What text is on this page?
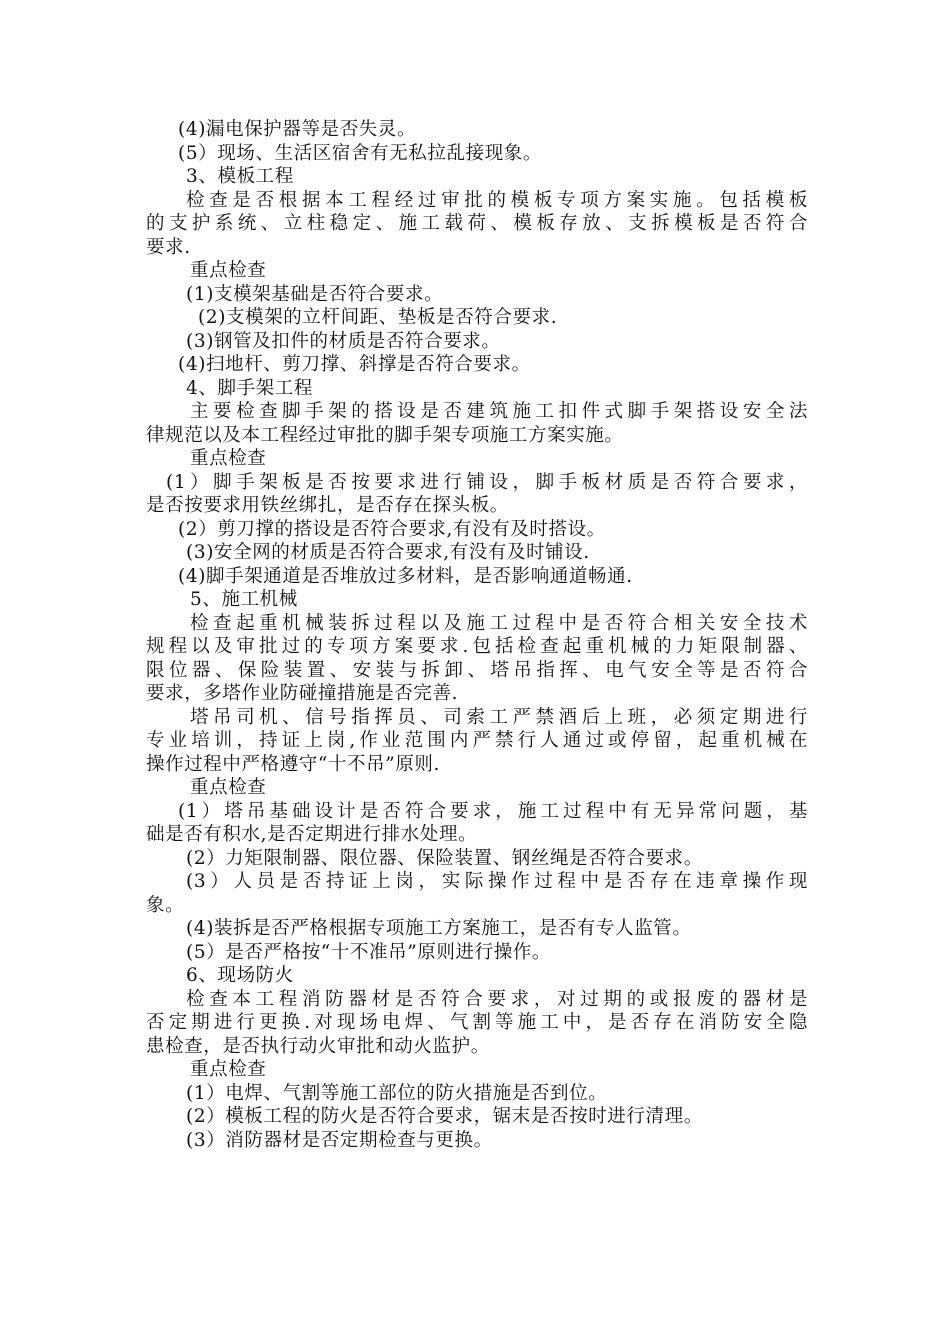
(4)漏电保护器等是否失灵。
(5）现场、生活区宿舍有无私拉乱接现象。
3、模板工程
检查是否根据本工程经过审批的模板专项方案实施。包括模板
的支护系统、立柱稳定、施工载荷、模板存放、支拆模板是否符合
要求.
重点检查
(1)支模架基础是否符合要求。
(2)支模架的立杆间距、垫板是否符合要求.
(3)钢管及扣件的材质是否符合要求。
(4)扫地杆、剪刀撑、斜撑是否符合要求。
4、脚手架工程
主要检查脚手架的搭设是否建筑施工扣件式脚手架搭设安全法
律规范以及本工程经过审批的脚手架专项施工方案实施。
重点检查
(1）脚手架板是否按要求进行铺设，脚手板材质是否符合要求，
是否按要求用铁丝绑扎，是否存在探头板。
(2）剪刀撑的搭设是否符合要求,有没有及时搭设。
(3)安全网的材质是否符合要求,有没有及时铺设.
(4)脚手架通道是否堆放过多材料，是否影响通道畅通.
5、施工机械
检查起重机械装拆过程以及施工过程中是否符合相关安全技术
规程以及审批过的专项方案要求.包括检查起重机械的力矩限制器、
限位器、保险装置、安装与拆卸、塔吊指挥、电气安全等是否符合
要求，多塔作业防碰撞措施是否完善.
塔吊司机、信号指挥员、司索工严禁酒后上班，必须定期进行
专业培训，持证上岗,作业范围内严禁行人通过或停留，起重机械在
操作过程中严格遵守“十不吊”原则.
重点检查
(1）塔吊基础设计是否符合要求，施工过程中有无异常问题，基
础是否有积水,是否定期进行排水处理。
(2）力矩限制器、限位器、保险装置、钢丝绳是否符合要求。
(3）人员是否持证上岗，实际操作过程中是否存在违章操作现
象。
(4)装拆是否严格根据专项施工方案施工，是否有专人监管。
(5）是否严格按“十不准吊”原则进行操作。
6、现场防火
检查本工程消防器材是否符合要求，对过期的或报废的器材是
否定期进行更换.对现场电焊、气割等施工中，是否存在消防安全隐
患检查，是否执行动火审批和动火监护。
重点检查
(1）电焊、气割等施工部位的防火措施是否到位。
(2）模板工程的防火是否符合要求，锯末是否按时进行清理。
(3）消防器材是否定期检查与更换。
